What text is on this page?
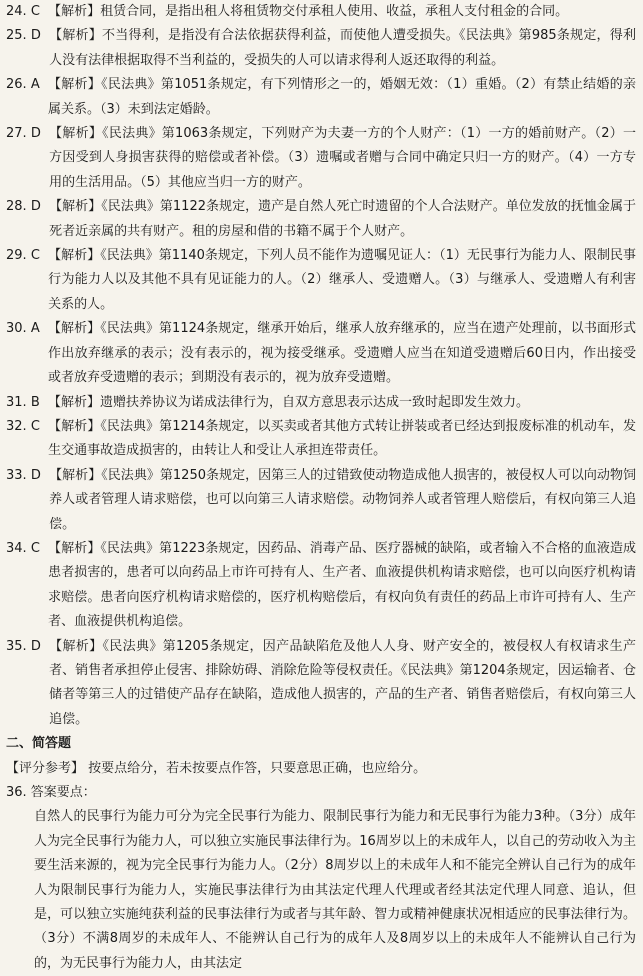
24. C 【解析】租赁合同，是指出租人将租赁物交付承租人使用、收益，承租人支付租金的合同。
25. D 【解析】不当得利，是指没有合法依据获得利益，而使他人遭受损失。《民法典》第985条规定，得利人没有法律根据取得不当利益的，受损失的人可以请求得利人返还取得的利益。
26. A 【解析】《民法典》第1051条规定，有下列情形之一的，婚姻无效：（1）重婚。（2）有禁止结婚的亲属关系。（3）未到法定婚龄。
27. D 【解析】《民法典》第1063条规定，下列财产为夫妻一方的个人财产：（1）一方的婚前财产。（2）一方因受到人身损害获得的赔偿或者补偿。（3）遗嘱或者赠与合同中确定只归一方的财产。（4）一方专用的生活用品。（5）其他应当归一方的财产。
28. D 【解析】《民法典》第1122条规定，遗产是自然人死亡时遗留的个人合法财产。单位发放的抚恤金属于死者近亲属的共有财产。租的房屋和借的书籍不属于个人财产。
29. C 【解析】《民法典》第1140条规定，下列人员不能作为遗嘱见证人：（1）无民事行为能力人、限制民事行为能力人以及其他不具有见证能力的人。（2）继承人、受遗赠人。（3）与继承人、受遗赠人有利害关系的人。
30. A 【解析】《民法典》第1124条规定，继承开始后，继承人放弃继承的，应当在遗产处理前，以书面形式作出放弃继承的表示；没有表示的，视为接受继承。受遗赠人应当在知道受遗赠后60日内，作出接受或者放弃受遗赠的表示；到期没有表示的，视为放弃受遗赠。
31. B 【解析】遗赠扶养协议为诺成法律行为，自双方意思表示达成一致时起即发生效力。
32. C 【解析】《民法典》第1214条规定，以买卖或者其他方式转让拼装或者已经达到报废标准的机动车，发生交通事故造成损害的，由转让人和受让人承担连带责任。
33. D 【解析】《民法典》第1250条规定，因第三人的过错致使动物造成他人损害的，被侵权人可以向动物饲养人或者管理人请求赔偿，也可以向第三人请求赔偿。动物饲养人或者管理人赔偿后，有权向第三人追偿。
34. C 【解析】《民法典》第1223条规定，因药品、消毒产品、医疗器械的缺陷，或者输入不合格的血液造成患者损害的，患者可以向药品上市许可持有人、生产者、血液提供机构请求赔偿，也可以向医疗机构请求赔偿。患者向医疗机构请求赔偿的，医疗机构赔偿后，有权向负有责任的药品上市许可持有人、生产者、血液提供机构追偿。
35. D 【解析】《民法典》第1205条规定，因产品缺陷危及他人人身、财产安全的，被侵权人有权请求生产者、销售者承担停止侵害、排除妨碍、消除危险等侵权责任。《民法典》第1204条规定，因运输者、仓储者等第三人的过错使产品存在缺陷，造成他人损害的，产品的生产者、销售者赔偿后，有权向第三人追偿。
二、简答题
【评分参考】 按要点给分，若未按要点作答，只要意思正确，也应给分。
36. 答案要点：
自然人的民事行为能力可分为完全民事行为能力、限制民事行为能力和无民事行为能力3种。（3分）成年人为完全民事行为能力人，可以独立实施民事法律行为。16周岁以上的未成年人，以自己的劳动收入为主要生活来源的，视为完全民事行为能力人。（2分）8周岁以上的未成年人和不能完全辨认自己行为的成年人为限制民事行为能力人，实施民事法律行为由其法定代理人代理或者经其法定代理人同意、追认，但是，可以独立实施纯获利益的民事法律行为或者与其年龄、智力或精神健康状况相适应的民事法律行为。（3分）不满8周岁的未成年人、不能辨认自己行为的成年人及8周岁以上的未成年人不能辨认自己行为的，为无民事行为能力人，由其法定
